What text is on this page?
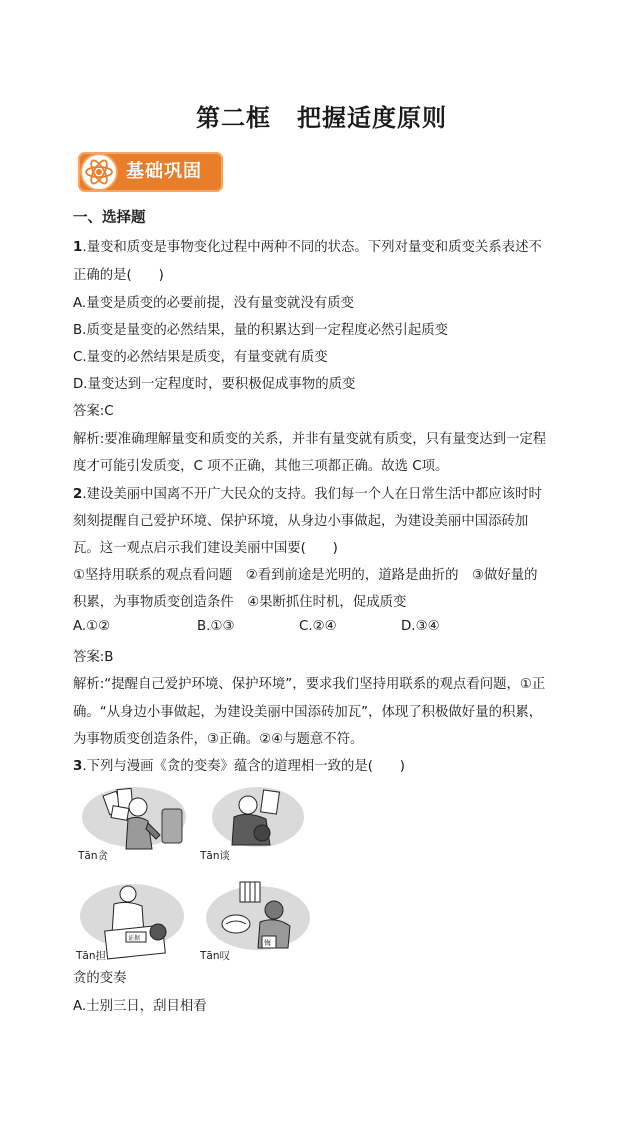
第二框 把握适度原则
基础巩固
一、选择题
1.量变和质变是事物变化过程中两种不同的状态。下列对量变和质变关系表述不
正确的是(　　)
A.量变是质变的必要前提，没有量变就没有质变
B.质变是量变的必然结果，量的积累达到一定程度必然引起质变
C.量变的必然结果是质变，有量变就有质变
D.量变达到一定程度时，要积极促成事物的质变
答案:C
解析:要准确理解量变和质变的关系，并非有量变就有质变，只有量变达到一定程
度才可能引发质变，C 项不正确，其他三项都正确。故选 C项。
2.建设美丽中国离不开广大民众的支持。我们每一个人在日常生活中都应该时时
刻刻提醒自己爱护环境、保护环境，从身边小事做起，为建设美丽中国添砖加
瓦。这一观点启示我们建设美丽中国要(　　)
①坚持用联系的观点看问题　②看到前途是光明的，道路是曲折的　③做好量的
积累，为事物质变创造条件　④果断抓住时机，促成质变
A.①②	B.①③	C.②④	D.③④
答案:B
解析:“提醒自己爱护环境、保护环境”，要求我们坚持用联系的观点看问题，①正
确。“从身边小事做起，为建设美丽中国添砖加瓦”，体现了积极做好量的积累，
为事物质变创造条件，③正确。②④与题意不符。
3.下列与漫画《贪的变奏》蕴含的道理相一致的是(　　)
Tān贪	Tān谈
证据
Tān担
悔
Tān叹
贪的变奏
A.士别三日，刮目相看
